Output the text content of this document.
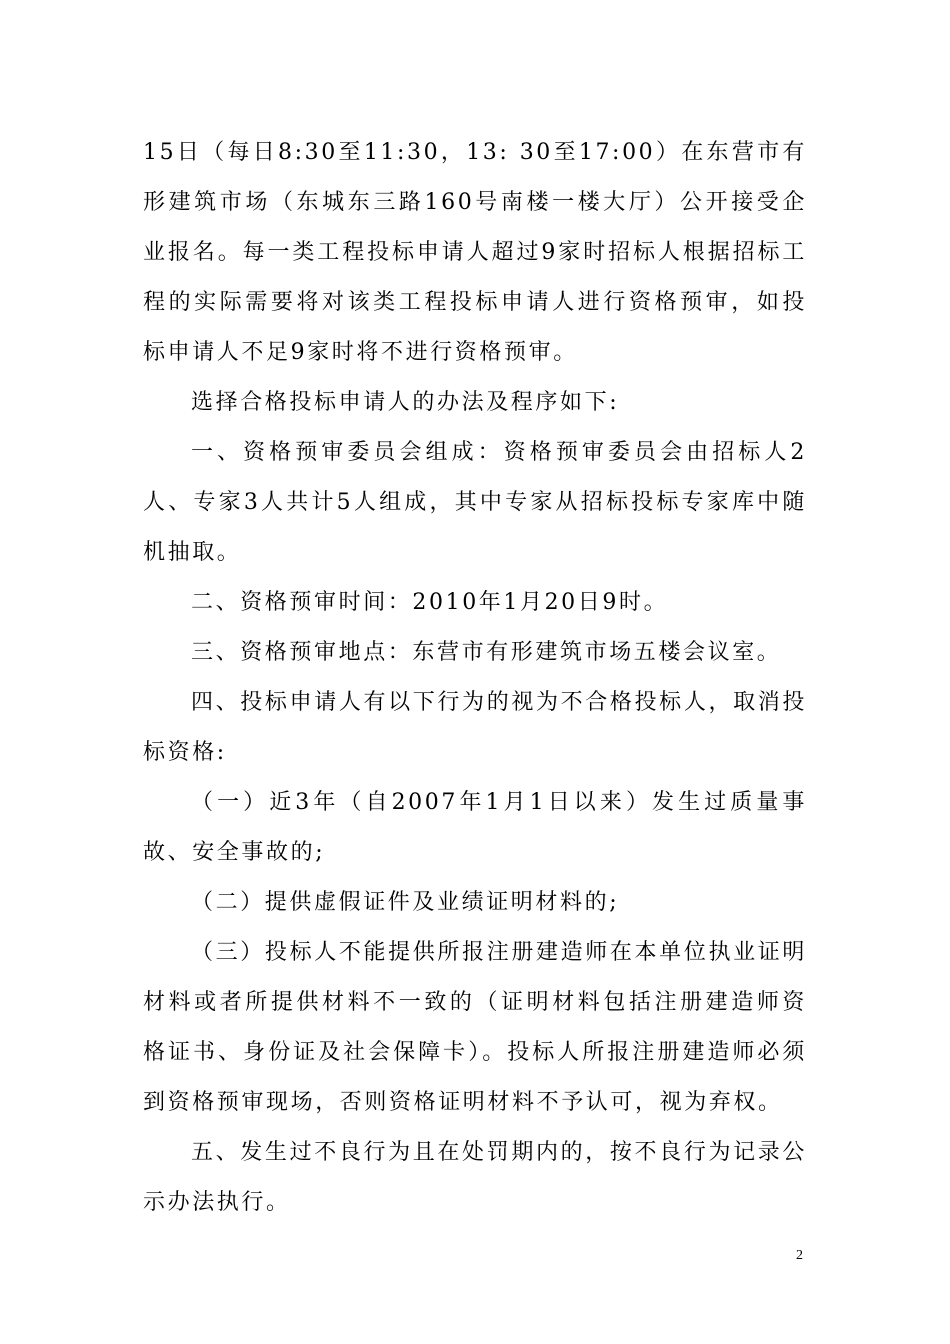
15日（每日8:30至11:30，13: 30至17:00）在东营市有形建筑市场（东城东三路160号南楼一楼大厅）公开接受企业报名。每一类工程投标申请人超过9家时招标人根据招标工程的实际需要将对该类工程投标申请人进行资格预审，如投标申请人不足9家时将不进行资格预审。

选择合格投标申请人的办法及程序如下:

一、资格预审委员会组成：资格预审委员会由招标人2人、专家3人共计5人组成，其中专家从招标投标专家库中随机抽取。

二、资格预审时间：2010年1月20日9时。

三、资格预审地点：东营市有形建筑市场五楼会议室。

四、投标申请人有以下行为的视为不合格投标人，取消投标资格:

（一）近3年（自2007年1月1日以来）发生过质量事故、安全事故的;

（二）提供虚假证件及业绩证明材料的;

（三）投标人不能提供所报注册建造师在本单位执业证明材料或者所提供材料不一致的（证明材料包括注册建造师资格证书、身份证及社会保障卡）。投标人所报注册建造师必须到资格预审现场，否则资格证明材料不予认可，视为弃权。

五、发生过不良行为且在处罚期内的，按不良行为记录公示办法执行。

2
